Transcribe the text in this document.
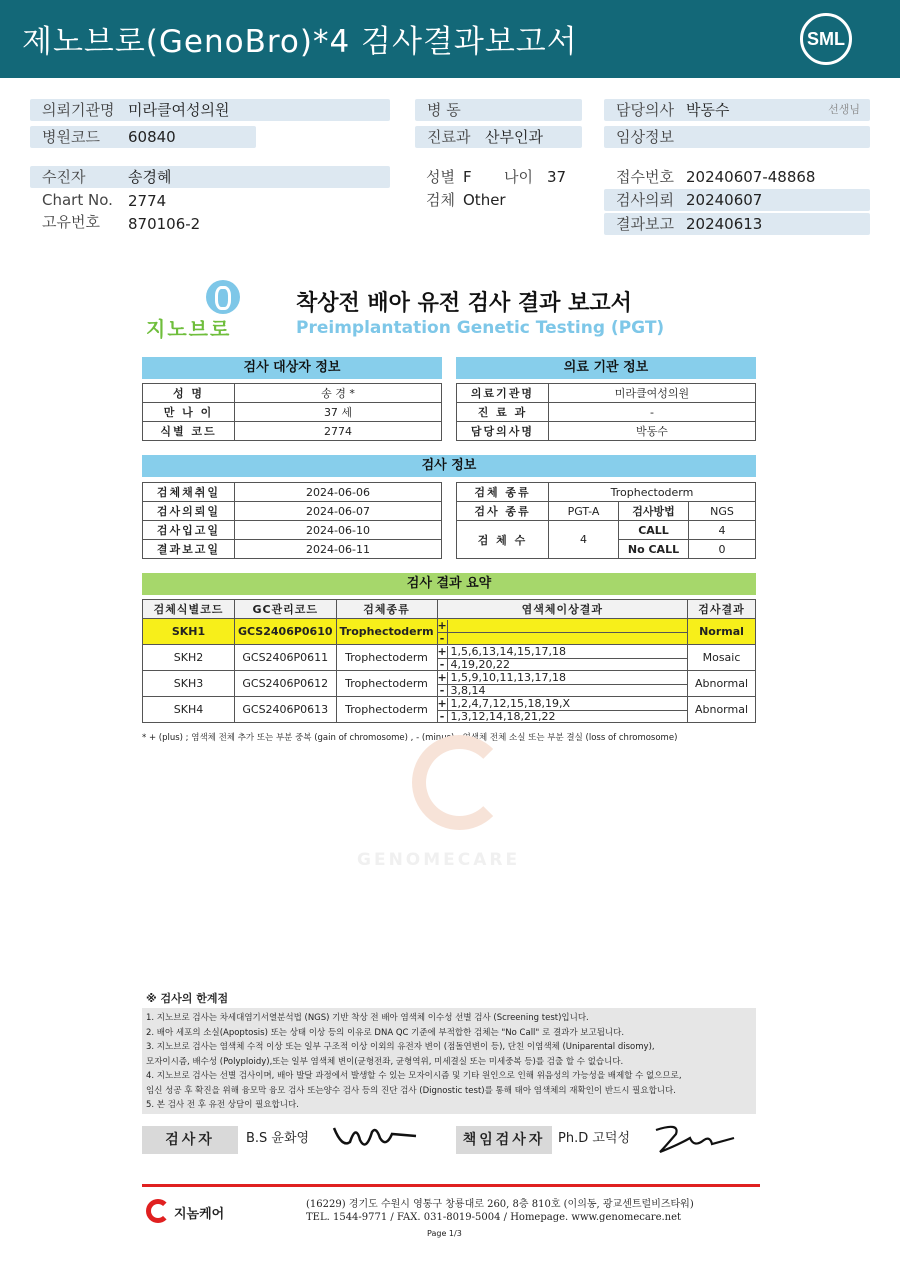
제노브로(GenoBro)*4 검사결과보고서	SML
의뢰기관명 미라클여성의원
병원코드 60840
병 동
진료과 산부인과
담당의사 박동수	선생님
임상정보
수진자	송경혜
Chart No. 2774
고유번호 870106-2
성별 F 나이 37
검체 Other
접수번호 20240607-48868
검사의뢰 20240607
결과보고 20240613
지노브로
착상전 배아 유전 검사 결과 보고서
Preimplantation Genetic Testing (PGT)
검사 대상자 정보
성 명	송 경 *
만 나 이	37 세
식별 코드	2774
의료 기관 정보
의료기관명	미라클여성의원
진 료 과	-
담당의사명	박동수
검사 정보
검체채취일	2024-06-06
검사의뢰일	2024-06-07
검사입고일	2024-06-10
결과보고일	2024-06-11
검체 종류	Trophectoderm		
검사 종류	PGT-A	검사방법	NGS
검 체 수	4	CALL	4
		No CALL	0
검사 결과 요약
검체식별코드	GC관리코드	검체종류	염색체이상결과	검사결과
SKH1	GCS2406P0610	Trophectoderm	+
-	Normal
SKH2	GCS2406P0611	Trophectoderm	+ 1,5,6,13,14,15,17,18
- 4,19,20,22	Mosaic
SKH3	GCS2406P0612	Trophectoderm	+ 1,5,9,10,11,13,17,18
- 3,8,14	Abnormal
SKH4	GCS2406P0613	Trophectoderm	+ 1,2,4,7,12,15,18,19,X
- 1,3,12,14,18,21,22	Abnormal
* + (plus) ; 염색체 전체 추가 또는 부분 중복 (gain of chromosome) , - (minus) ; 염색체 전체 소실 또는 부분 결실 (loss of chromosome)
GENOMECARE
※ 검사의 한계점

1. 지노브로 검사는 차세대염기서열분석법 (NGS) 기반 착상 전 배아 염색체 이수성 선별 검사 (Screening test)입니다.

2. 배아 세포의 소실(Apoptosis) 또는 상태 이상 등의 이유로 DNA QC 기준에 부적합한 검체는 "No Call" 로 결과가 보고됩니다.

3. 지노브로 검사는 염색체 수적 이상 또는 일부 구조적 이상 이외의 유전자 변이 (점돌연변이 등), 단친 이염색체 (Uniparental disomy),

모자이시즘, 배수성 (Polyploidy),또는 일부 염색체 변이(균형전좌, 균형역위, 미세결실 또는 미세중복 등)를 검출 할 수 없습니다.

4. 지노브로 검사는 선별 검사이며, 배아 발달 과정에서 발생할 수 있는 모자이시즘 및 기타 원인으로 인해 위음성의 가능성을 배제할 수 없으므로,

임신 성공 후 확진을 위해 융모막 융모 검사 또는양수 검사 등의 진단 검사 (Dignostic test)를 통해 태아 염색체의 재확인이 반드시 필요합니다.

5. 본 검사 전 후 유전 상담이 필요합니다.

검사자	B.S 윤화영	책임검사자 Ph.D 고덕성
지놈케어
(16229) 경기도 수원시 영통구 창룡대로 260, 8층 810호 (이의동, 광교센트럴비즈타워)
TEL. 1544-9771 / FAX. 031-8019-5004 / Homepage. www.genomecare.net
Page 1/3
